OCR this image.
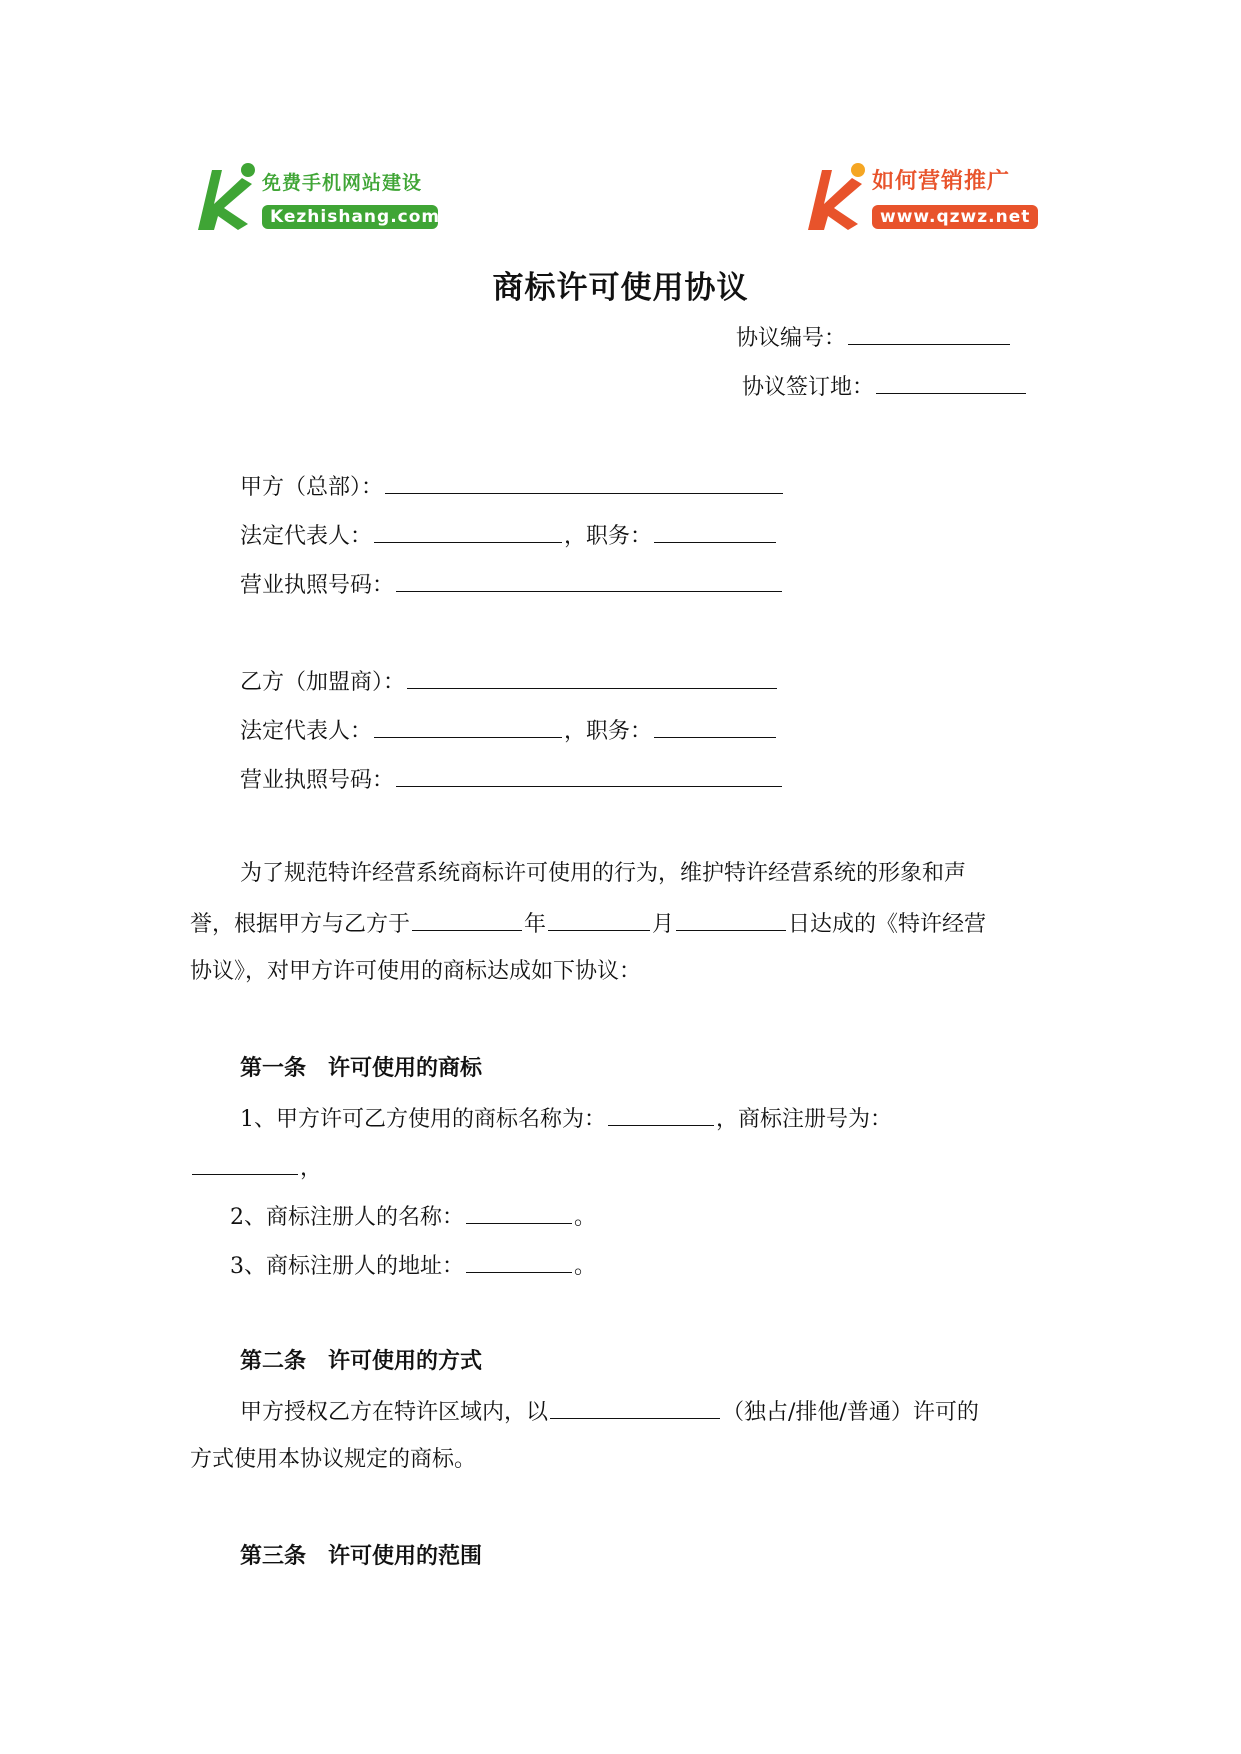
免费手机网站建设
Kezhishang.com
如何营销推广
www.qzwz.net
商标许可使用协议
协议编号：
协议签订地：
甲方（总部）：
法定代表人：	，职务：
营业执照号码：
乙方（加盟商）：
法定代表人：	，职务：
营业执照号码：
为了规范特许经营系统商标许可使用的行为，维护特许经营系统的形象和声
誉，根据甲方与乙方于	年	月	日达成的《特许经营
协议》，对甲方许可使用的商标达成如下协议：
第一条　许可使用的商标
1、甲方许可乙方使用的商标名称为：	，商标注册号为：
，
2、商标注册人的名称：	。
3、商标注册人的地址：	。
第二条　许可使用的方式
甲方授权乙方在特许区域内，以	（独占/排他/普通）许可的
方式使用本协议规定的商标。
第三条　许可使用的范围
